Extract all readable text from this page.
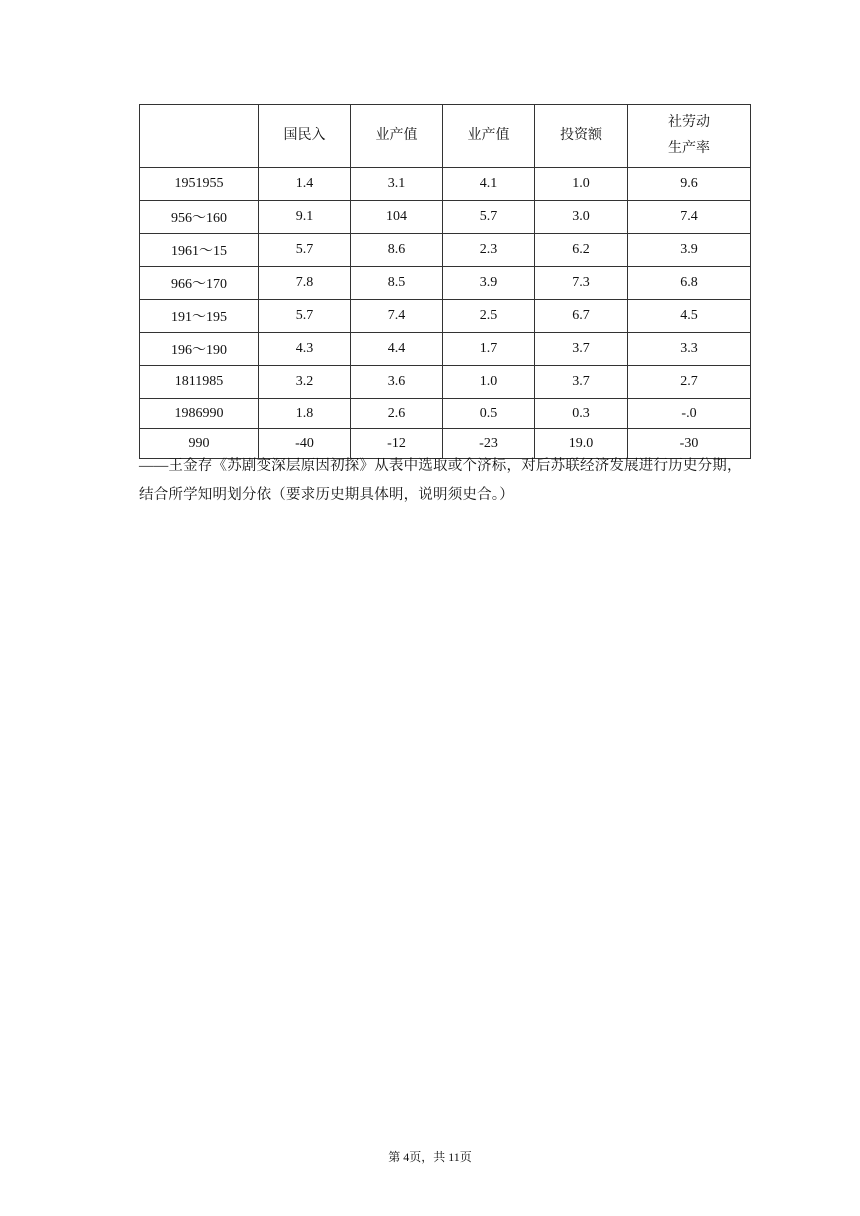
	国民入	业产值	业产值	投资额	社劳动
生产率
1951955	1.4	3.1	4.1	1.0	9.6
956～160	9.1	104	5.7	3.0	7.4
1961～15	5.7	8.6	2.3	6.2	3.9
966～170	7.8	8.5	3.9	7.3	6.8
191～195	5.7	7.4	2.5	6.7	4.5
196～190	4.3	4.4	1.7	3.7	3.3
1811985	3.2	3.6	1.0	3.7	2.7
1986990	1.8	2.6	0.5	0.3	-.0
990	-40	-12	-23	19.0	-30
——王金存《苏剧变深层原因初探》从表中选取或个济标，对后苏联经济发展进行历史分期，
结合所学知明划分依（要求历史期具体明，说明须史合。）
第 4页，共 11页
